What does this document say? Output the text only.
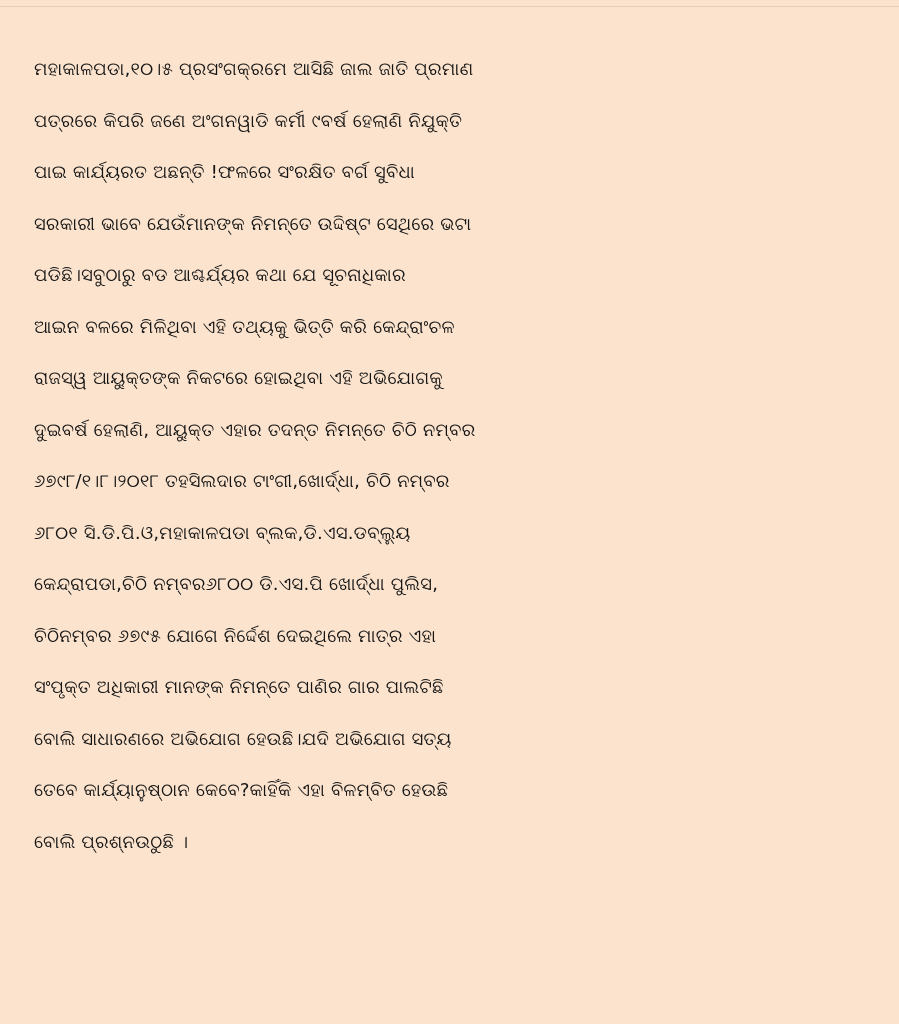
ମହାକାଳପଡା,୧୦।୫ ପ୍ରସଂଗକ୍ରମେ ଆସିଛି ଜାଲ ଜାତି ପ୍ରମାଣ
ପତ୍ରରେ କିପରି ଜଣେ ଅଂଗନୱାଡି କର୍ମୀ ୯ବର୍ଷ ହେଲାଣି ନିଯୁକ୍ତି
ପାଇ କାର୍ଯ୍ୟରତ ଅଛନ୍ତି !ଫଳରେ ସଂରକ୍ଷିତ ବର୍ଗ ସୁବିଧା
ସରକାରୀ ଭାବେ ଯେଉଁମାନଙ୍କ ନିମନ୍ତେ ଉଦ୍ଦିଷ୍ଟ ସେଥିରେ ଭଟା
ପଡିଛି।ସବୁଠାରୁ ବଡ ଆଶ୍ଚର୍ଯ୍ୟର କଥା ଯେ ସୂଚନାଧିକାର
ଆଇନ ବଳରେ ମିଳିଥିବା ଏହି ତଥ୍ୟକୁ ଭିତ୍ତି କରି କେନ୍ଦ୍ରାଂଚଳ
ରାଜସ୍ୱ ଆୟୁକ୍ତଙ୍କ ନିକଟରେ ହୋଇଥିବା ଏହି ଅଭିଯୋଗକୁ
ଦୁଇବର୍ଷ ହେଲାଣି, ଆୟୁକ୍ତ ଏହାର ତଦନ୍ତ ନିମନ୍ତେ ଚିଠି ନମ୍ବର
୬୭୯୮/୧।୮।୨୦୧୮ ତହସିଲଦାର ଟାଂଗୀ,ଖୋର୍ଦ୍ଧା, ଚିଠି ନମ୍ବର
୬୮୦୧ ସି.ଡି.ପି.ଓ,ମହାକାଳପଡା ବ୍ଲକ,ଡି.ଏସ.ଡବ୍ଲ୍ୟୁ
କେନ୍ଦ୍ରାପଡା,ଚିଠି ନମ୍ବର୬୮୦୦ ଡି.ଏସ.ପି ଖୋର୍ଦ୍ଧା ପୁଲିସ,
ଚିଠିନମ୍ବର ୬୭୯୫ ଯୋଗେ ନିର୍ଦ୍ଦେଶ ଦେଇଥିଲେ ମାତ୍ର ଏହା
ସଂପୃକ୍ତ ଅଧିକାରୀ ମାନଙ୍କ ନିମନ୍ତେ ପାଣିର ଗାର ପାଲଟିଛି
ବୋଲି ସାଧାରଣରେ ଅଭିଯୋଗ ହେଉଛି।ଯଦି ଅଭିଯୋଗ ସତ୍ୟ
ତେବେ କାର୍ଯ୍ୟାନୁଷ୍ଠାନ କେବେ?କାହିଁକି ଏହା ବିଳମ୍ବିତ ହେଉଛି
ବୋଲି ପ୍ରଶ୍ନଉଠୁଛି ।
